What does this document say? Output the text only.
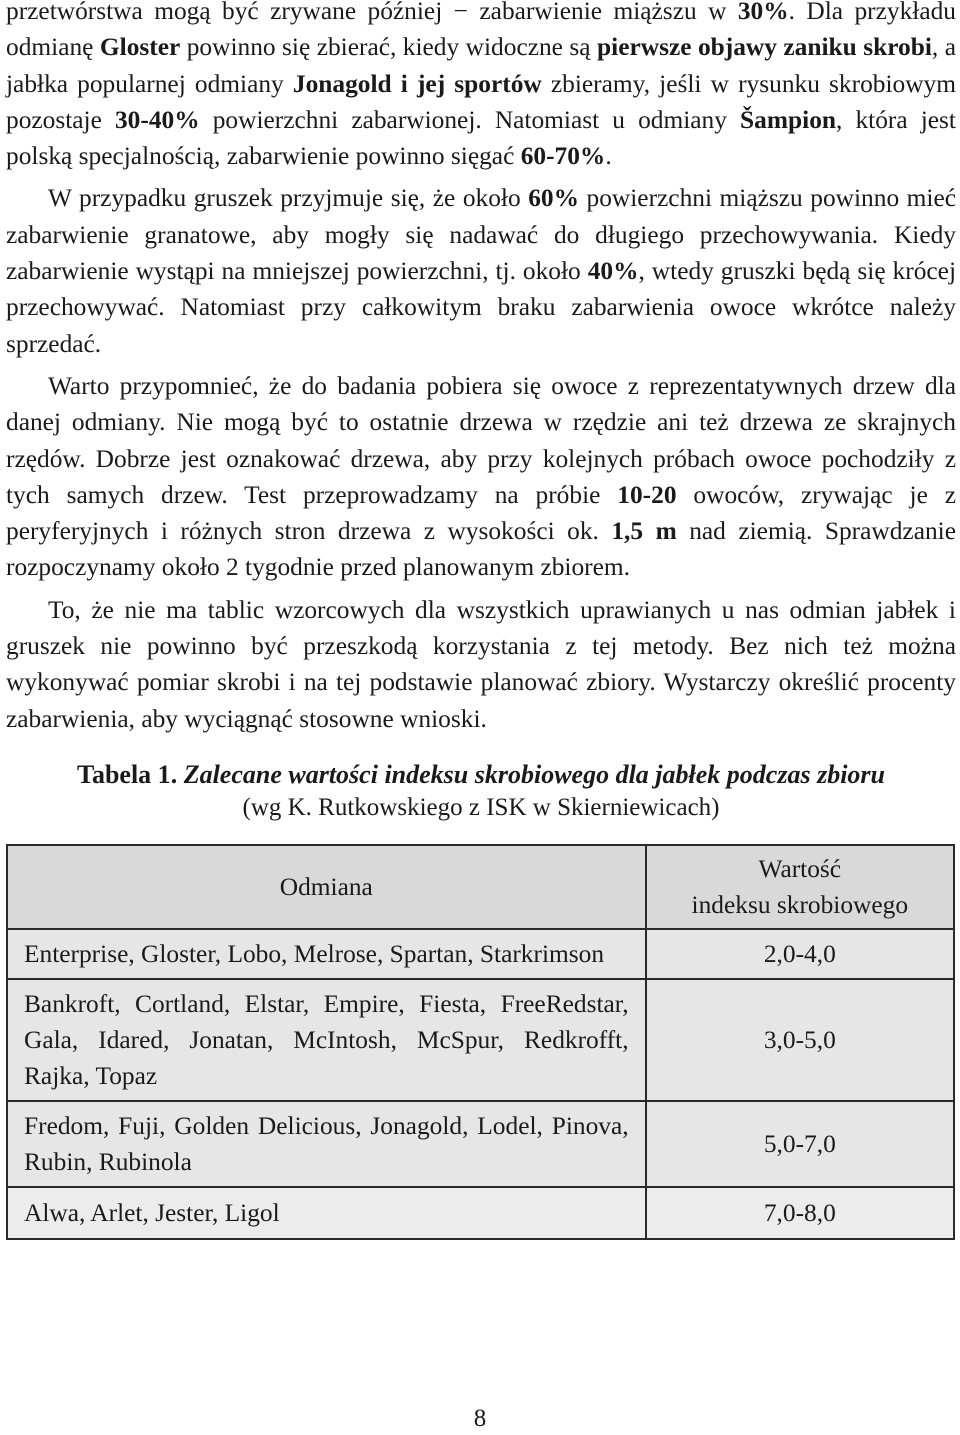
przetwórstwa mogą być zrywane później − zabarwienie miąższu w 30%. Dla przykładu odmianę Gloster powinno się zbierać, kiedy widoczne są pierwsze objawy zaniku skrobi, a jabłka popularnej odmiany Jonagold i jej sportów zbieramy, jeśli w rysunku skrobiowym pozostaje 30-40% powierzchni zabarwionej. Natomiast u odmiany Šampion, która jest polską specjalnością, zabarwienie powinno sięgać 60-70%.

W przypadku gruszek przyjmuje się, że około 60% powierzchni miąższu powinno mieć zabarwienie granatowe, aby mogły się nadawać do długiego przechowywania. Kiedy zabarwienie wystąpi na mniejszej powierzchni, tj. około 40%, wtedy gruszki będą się krócej przechowywać. Natomiast przy całkowitym braku zabarwienia owoce wkrótce należy sprzedać.

Warto przypomnieć, że do badania pobiera się owoce z reprezentatywnych drzew dla danej odmiany. Nie mogą być to ostatnie drzewa w rzędzie ani też drzewa ze skrajnych rzędów. Dobrze jest oznakować drzewa, aby przy kolejnych próbach owoce pochodziły z tych samych drzew. Test przeprowadzamy na próbie 10-20 owoców, zrywając je z peryferyjnych i różnych stron drzewa z wysokości ok. 1,5 m nad ziemią. Sprawdzanie rozpoczynamy około 2 tygodnie przed planowanym zbiorem.

To, że nie ma tablic wzorcowych dla wszystkich uprawianych u nas odmian jabłek i gruszek nie powinno być przeszkodą korzystania z tej metody. Bez nich też można wykonywać pomiar skrobi i na tej podstawie planować zbiory. Wystarczy określić procenty zabarwienia, aby wyciągnąć stosowne wnioski.

Tabela 1. Zalecane wartości indeksu skrobiowego dla jabłek podczas zbioru
(wg K. Rutkowskiego z ISK w Skierniewicach)
Odmiana	Wartość
indeksu skrobiowego

Enterprise, Gloster, Lobo, Melrose, Spartan, Starkrimson	2,0-4,0
Bankroft, Cortland, Elstar, Empire, Fiesta, FreeRedstar, Gala, Idared, Jonatan, McIntosh, McSpur, Redkrofft, Rajka, Topaz	3,0-5,0
Fredom, Fuji, Golden Delicious, Jonagold, Lodel, Pinova, Rubin, Rubinola	5,0-7,0
Alwa, Arlet, Jester, Ligol	7,0-8,0
8
